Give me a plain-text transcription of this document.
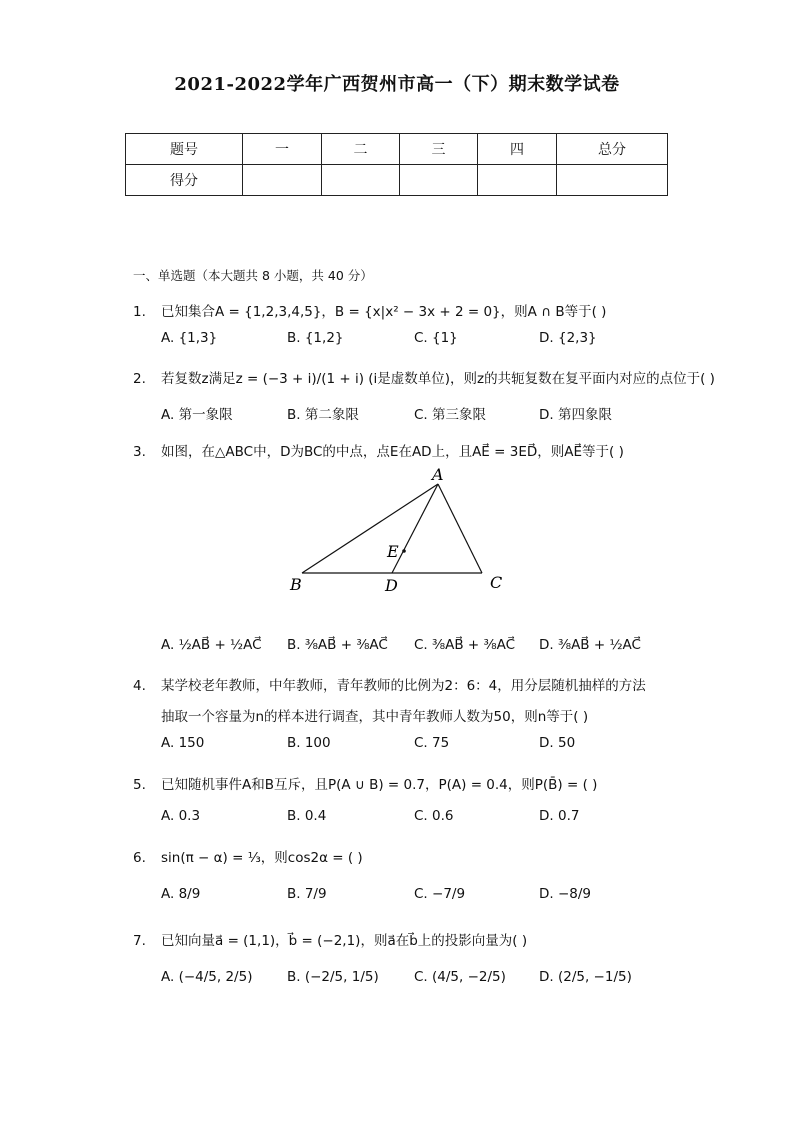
2021-2022学年广西贺州市高一（下）期末数学试卷
题号	一	二	三	四	总分
得分					
一、单选题（本大题共 8 小题，共 40 分）
1. 已知集合A = {1,2,3,4,5}，B = {x|x² − 3x + 2 = 0}，则A ∩ B等于( )
A. {1,3}	B. {1,2}	C. {1}	D. {2,3}
2. 若复数z满足z = (−3 + i)/(1 + i) (i是虚数单位)，则z的共轭复数在复平面内对应的点位于( )
A. 第一象限	B. 第二象限	C. 第三象限	D. 第四象限
3. 如图，在△ABC中，D为BC的中点，点E在AD上，且AE⃗ = 3ED⃗，则AE⃗等于( )
A
B	C
D
E
A. ½AB⃗ + ½AC⃗ B. ⅜AB⃗ + ⅜AC⃗ C. ⅜AB⃗ + ⅜AC⃗ D. ⅜AB⃗ + ½AC⃗
4. 某学校老年教师，中年教师，青年教师的比例为2：6：4，用分层随机抽样的方法
抽取一个容量为n的样本进行调查，其中青年教师人数为50，则n等于( )
A. 150	B. 100	C. 75	D. 50
5. 已知随机事件A和B互斥，且P(A ∪ B) = 0.7，P(A) = 0.4，则P(B̄) = ( )
A. 0.3	B. 0.4	C. 0.6	D. 0.7
6. sin(π − α) = ⅓，则cos2α = ( )
A. 8/9	B. 7/9	C. −7/9	D. −8/9
7. 已知向量a⃗ = (1,1)，b⃗ = (−2,1)，则a⃗在b⃗上的投影向量为( )
A. (−4/5, 2/5)	B. (−2/5, 1/5)	C. (4/5, −2/5) D. (2/5, −1/5)
